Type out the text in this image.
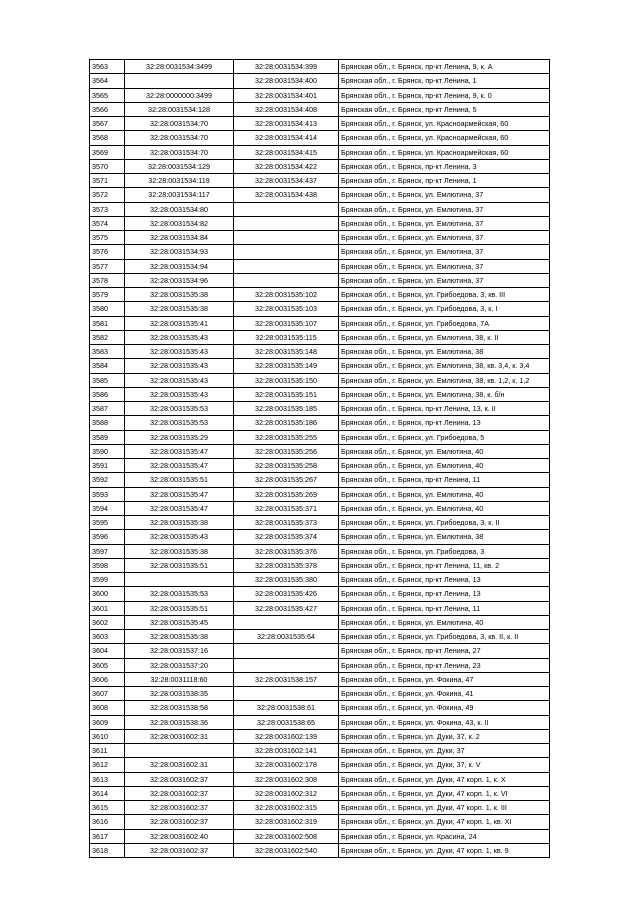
3563	32:28:0031534:3499	32:28:0031534:399	Брянская обл., г. Брянск, пр-кт Ленина, 9, к. А
3564		32:28:0031534:400	Брянская обл., г. Брянск, пр-кт Ленина, 1
3565	32:28:0000000:3499	32:28:0031534:401	Брянская обл., г. Брянск, пр-кт Ленина, 9, к. 0
3566	32:28:0031534:128	32:28:0031534:408	Брянская обл., г. Брянск, пр-кт Ленина, 5
3567	32:28:0031534:70	32:28:0031534:413	Брянская обл., г. Брянск, ул. Красноармейская, 60
3568	32:28:0031534:70	32:28:0031534:414	Брянская обл., г. Брянск, ул. Красноармейская, 60
3569	32:28:0031534:70	32:28:0031534:415	Брянская обл., г. Брянск, ул. Красноармейская, 60
3570	32:28:0031534:129	32:28:0031534:422	Брянская обл., г. Брянск, пр-кт Ленина, 3
3571	32:28:0031534:119	32:28:0031534:437	Брянская обл., г. Брянск, пр-кт Ленина, 1
3572	32:28:0031534:117	32:28:0031534:438	Брянская обл., г. Брянск, ул. Емлютина, 37
3573	32:28:0031534:80		Брянская обл., г. Брянск, ул. Емлютина, 37
3574	32:28:0031534:82		Брянская обл., г. Брянск, ул. Емлютина, 37
3575	32:28:0031534:84		Брянская обл., г. Брянск, ул. Емлютина, 37
3576	32:28:0031534:93		Брянская обл., г. Брянск, ул. Емлютина, 37
3577	32:28:0031534:94		Брянская обл., г. Брянск, ул. Емлютина, 37
3578	32:28:0031534:96		Брянская обл., г. Брянск, ул. Емлютина, 37
3579	32:28:0031535:38	32:28:0031535:102	Брянская обл., г. Брянск, ул. Грибоедова, 3, кв. III
3580	32:28:0031535:38	32:28:0031535:103	Брянская обл., г. Брянск, ул. Грибоедова, 3, к. I
3581	32:28:0031535:41	32:28:0031535:107	Брянская обл., г. Брянск, ул. Грибоедова, 7А
3582	32:28:0031535:43	32:28:0031535:115	Брянская обл., г. Брянск, ул. Емлютина, 38, к. II
3583	32:28:0031535:43	32:28:0031535:148	Брянская обл., г. Брянск, ул. Емлютина, 38
3584	32:28:0031535:43	32:28:0031535:149	Брянская обл., г. Брянск, ул. Емлютина, 38, кв. 3,4, к. 3,4
3585	32:28:0031535:43	32:28:0031535:150	Брянская обл., г. Брянск, ул. Емлютина, 38, кв. 1,2, к. 1,2
3586	32:28:0031535:43	32:28:0031535:151	Брянская обл., г. Брянск, ул. Емлютина, 38, к. б/н
3587	32:28:0031535:53	32:28:0031535:185	Брянская обл., г. Брянск, пр-кт Ленина, 13, к. II
3588	32:28:0031535:53	32:28:0031535:186	Брянская обл., г. Брянск, пр-кт Ленина, 13
3589	32:28:0031535:29	32:28:0031535:255	Брянская обл., г. Брянск, ул. Грибоедова, 5
3590	32:28:0031535:47	32:28:0031535:256	Брянская обл., г. Брянск, ул. Емлютина, 40
3591	32:28:0031535:47	32:28:0031535:258	Брянская обл., г. Брянск, ул. Емлютина, 40
3592	32:28:0031535:51	32:28:0031535:267	Брянская обл., г. Брянск, пр-кт Ленина, 11
3593	32:28:0031535:47	32:28:0031535:269	Брянская обл., г. Брянск, ул. Емлютина, 40
3594	32:28:0031535:47	32:28:0031535:371	Брянская обл., г. Брянск, ул. Емлютина, 40
3595	32:28:0031535:38	32:28:0031535:373	Брянская обл., г. Брянск, ул. Грибоедова, 3, к. II
3596	32:28:0031535:43	32:28:0031535:374	Брянская обл., г. Брянск, ул. Емлютина, 38
3597	32:28:0031535:38	32:28:0031535:376	Брянская обл., г. Брянск, ул. Грибоедова, 3
3598	32:28:0031535:51	32:28:0031535:378	Брянская обл., г. Брянск, пр-кт Ленина, 11, кв. 2
3599		32:28:0031535:380	Брянская обл., г. Брянск, пр-кт Ленина, 13
3600	32:28:0031535:53	32:28:0031535:426	Брянская обл., г. Брянск, пр-кт Ленина, 13
3601	32:28:0031535:51	32:28:0031535:427	Брянская обл., г. Брянск, пр-кт Ленина, 11
3602	32:28:0031535:45		Брянская обл., г. Брянск, ул. Емлютина, 40
3603	32:28:0031535:38	32:28:0031535:64	Брянская обл., г. Брянск, ул. Грибоедова, 3, кв. II, к. II
3604	32:28:0031537:16		Брянская обл., г. Брянск, пр-кт Ленина, 27
3605	32:28:0031537:20		Брянская обл., г. Брянск, пр-кт Ленина, 23
3606	32:28:0031118:60	32:28:0031538:157	Брянская обл., г. Брянск, ул. Фокина, 47
3607	32:28:0031538:35		Брянская обл., г. Брянск, ул. Фокина, 41
3608	32:28:0031538:58	32:28:0031538:61	Брянская обл., г. Брянск, ул. Фокина, 49
3609	32:28:0031538:36	32:28:0031538:65	Брянская обл., г. Брянск, ул. Фокина, 43, к. II
3610	32:28:0031602:31	32:28:0031602:139	Брянская обл., г. Брянск, ул. Дуки, 37, к. 2
3611		32:28:0031602:141	Брянская обл., г. Брянск, ул. Дуки, 37
3612	32:28:0031602:31	32:28:0031602:178	Брянская обл., г. Брянск, ул. Дуки, 37, к. V
3613	32:28:0031602:37	32:28:0031602:308	Брянская обл., г. Брянск, ул. Дуки, 47 корп. 1, к. X
3614	32:28:0031602:37	32:28:0031602:312	Брянская обл., г. Брянск, ул. Дуки, 47 корп. 1, к. VI
3615	32:28:0031602:37	32:28:0031602:315	Брянская обл., г. Брянск, ул. Дуки, 47 корп. 1, к. III
3616	32:28:0031602:37	32:28:0031602:319	Брянская обл., г. Брянск, ул. Дуки, 47 корп. 1, кв. XI
3617	32:28:0031602:40	32:28:0031602:508	Брянская обл., г. Брянск, ул. Красина, 24
3618	32:28:0031602:37	32:28:0031602:540	Брянская обл., г. Брянск, ул. Дуки, 47 корп. 1, кв. 9
